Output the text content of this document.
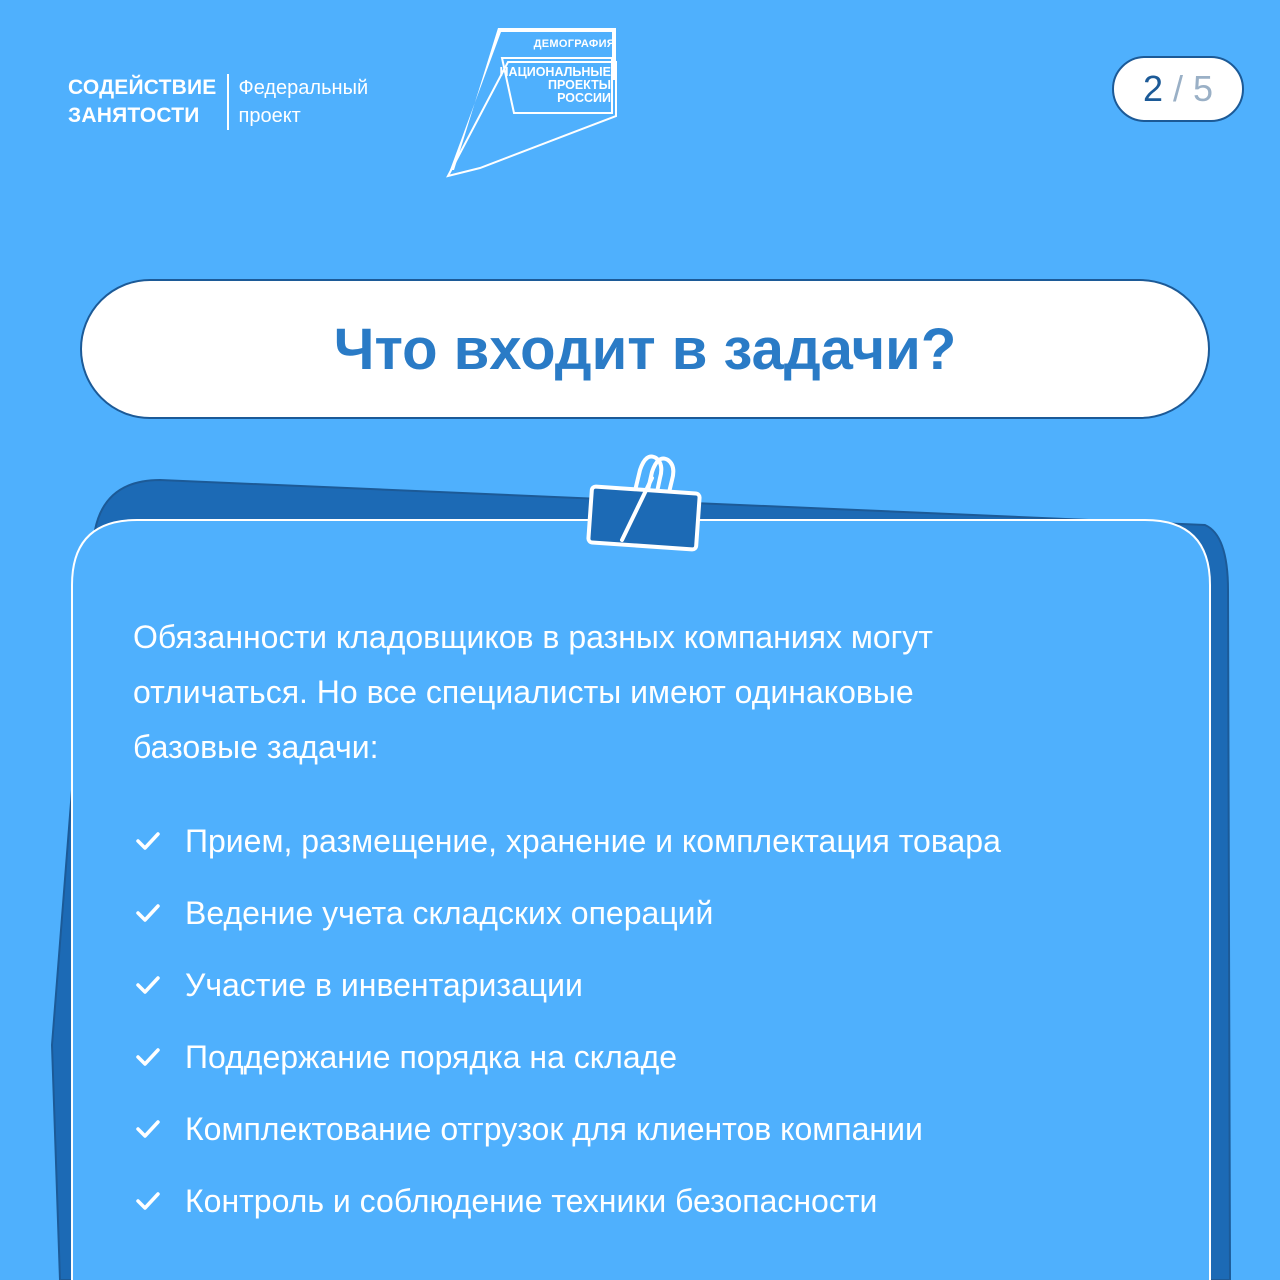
СОДЕЙСТВИЕ
ЗАНЯТОСТИ
Федеральный
проект
ДЕМОГРАФИЯ
НАЦИОНАЛЬНЫЕ
ПРОЕКТЫ
РОССИИ	2 / 5
Что входит в задачи?

Обязанности кладовщиков в разных компаниях могут
отличаться. Но все специалисты имеют одинаковые
базовые задачи:

Прием, размещение, хранение и комплектация товара
Ведение учета складских операций
Участие в инвентаризации
Поддержание порядка на складе
Комплектование отгрузок для клиентов компании
Контроль и соблюдение техники безопасности
